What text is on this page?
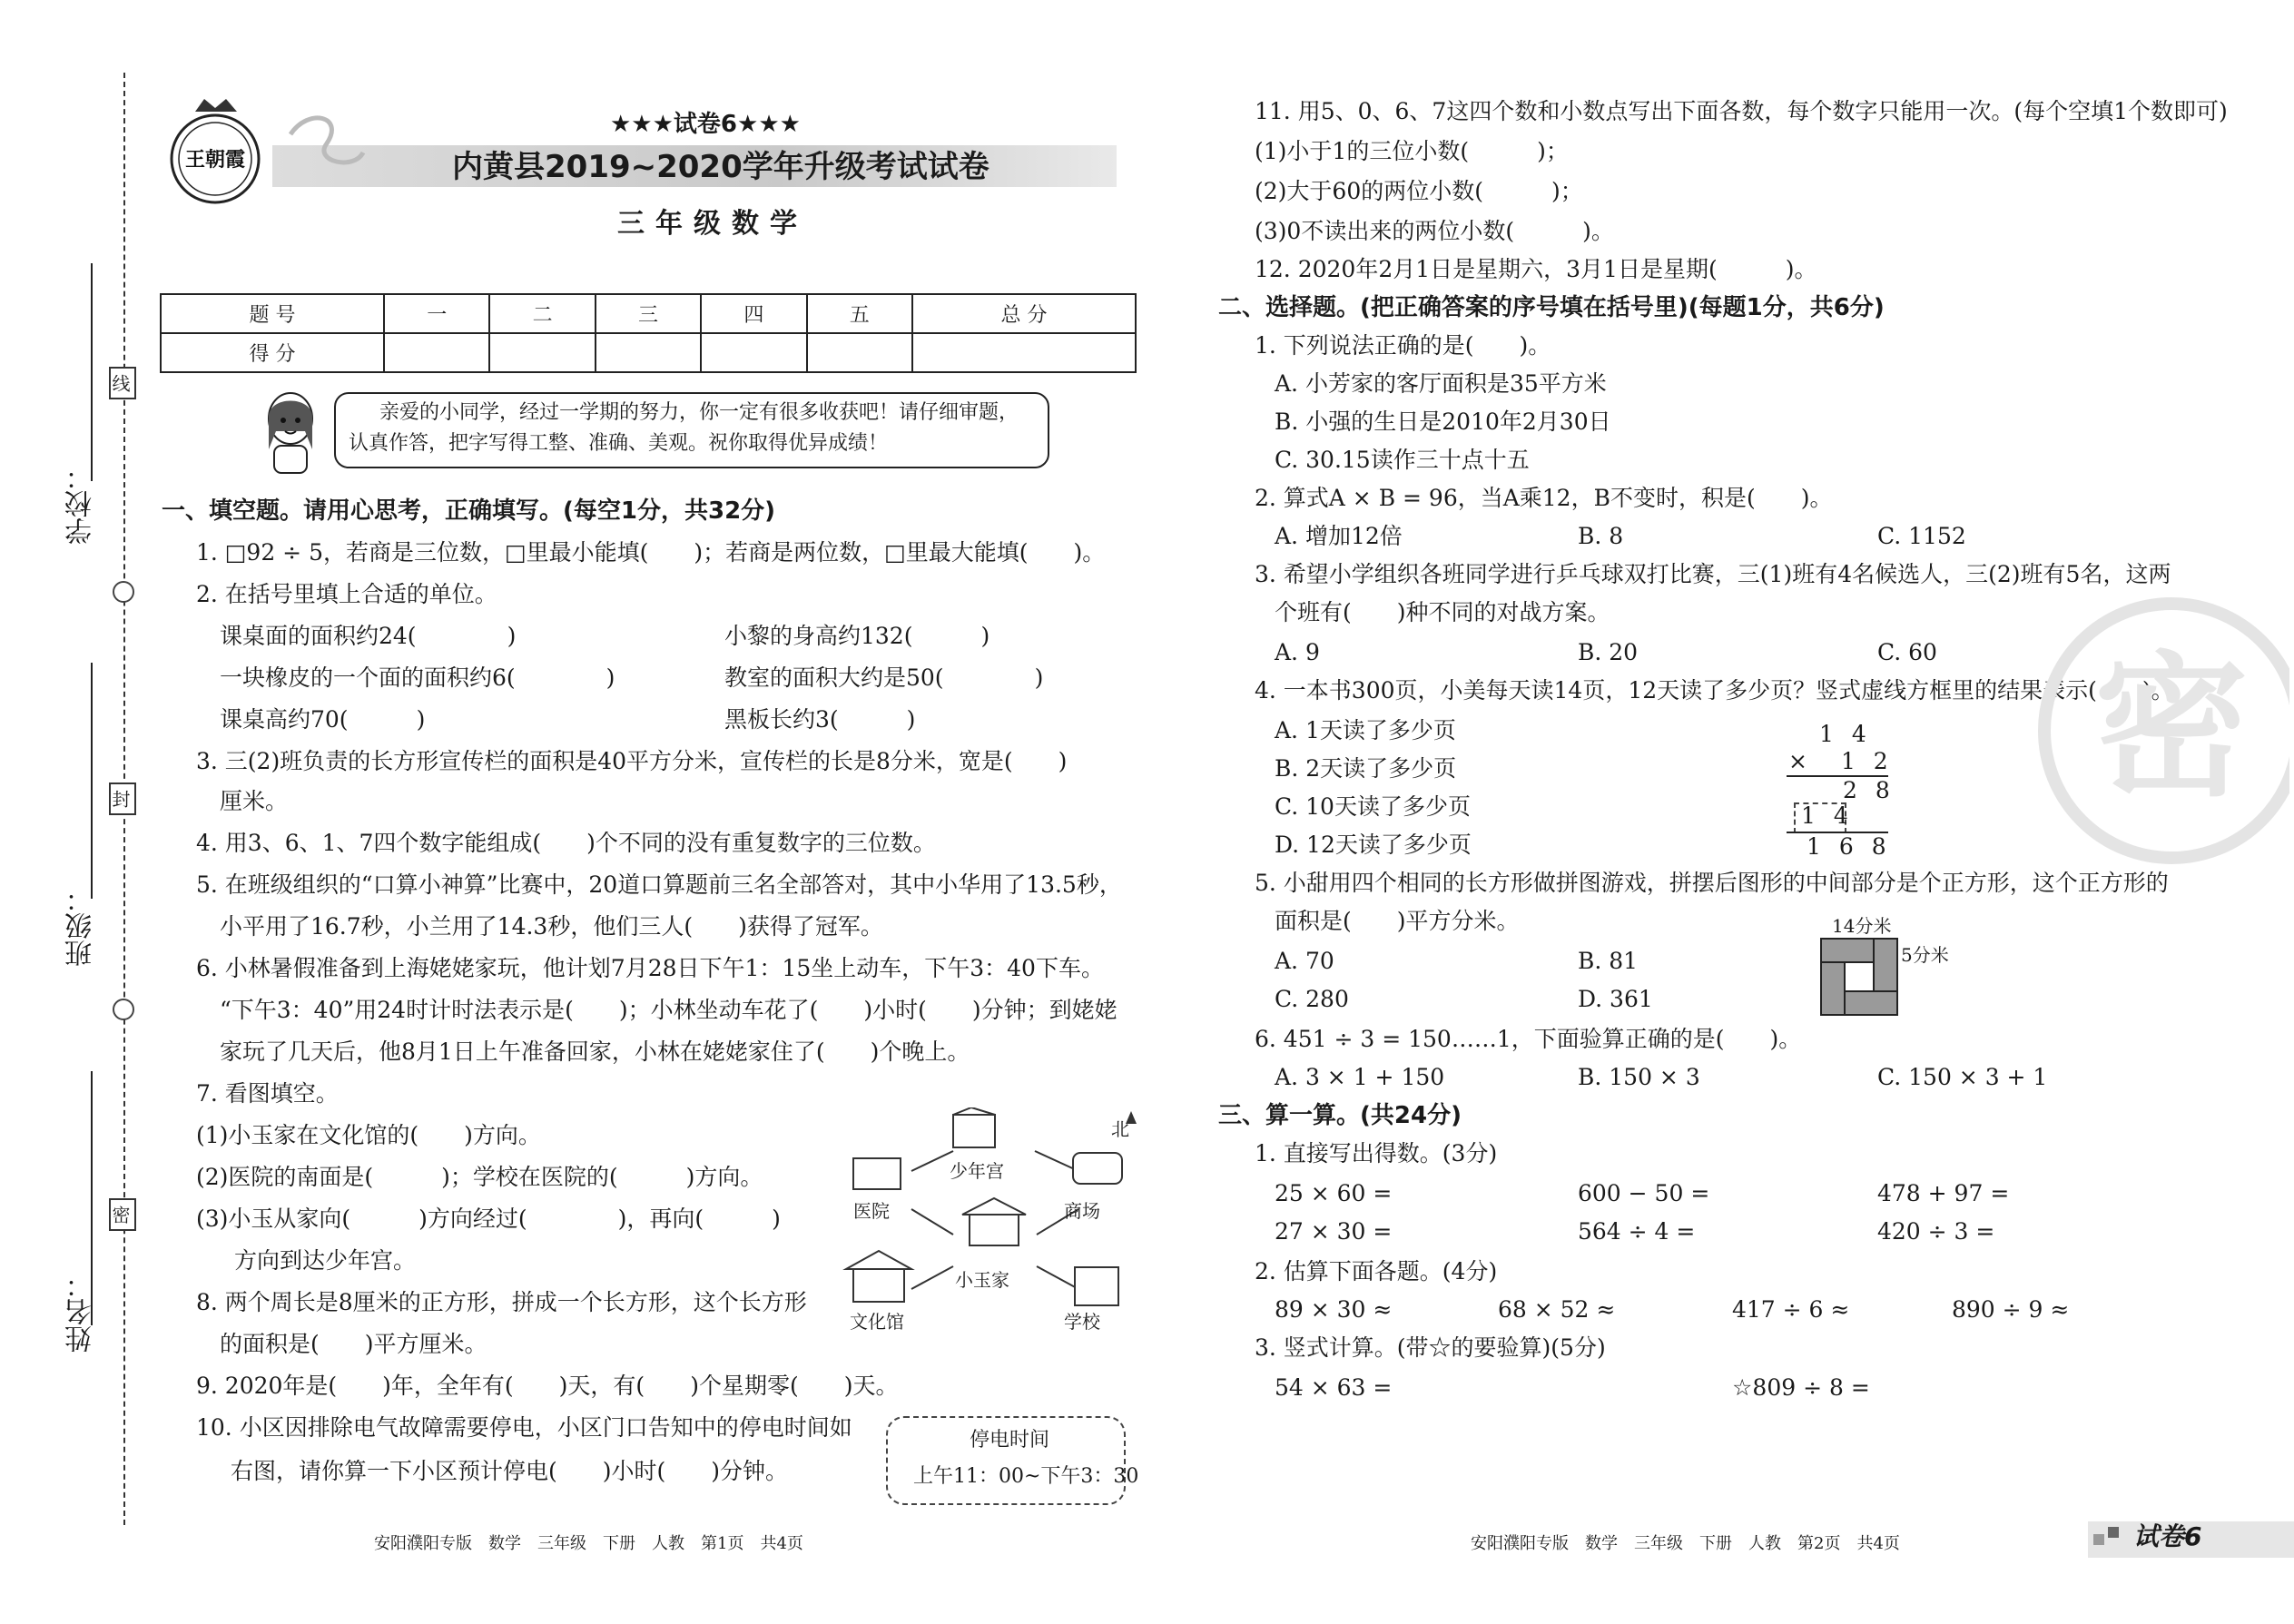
学校：
班级：
姓名：
线
封
密
王朝霞
★★★试卷6★★★
内黄县2019~2020学年升级考试试卷
三年级数学
题 号	一	二	三	四	五	总 分
得 分						
亲爱的小同学，经过一学期的努力，你一定有很多收获吧！请仔细审题，
认真作答，把字写得工整、准确、美观。祝你取得优异成绩！
一、填空题。请用心思考，正确填写。(每空1分，共32分)
1. □92 ÷ 5，若商是三位数，□里最小能填(　　)；若商是两位数，□里最大能填(　　)。
2. 在括号里填上合适的单位。
课桌面的面积约24(　　　　)	小黎的身高约132(　　　)
一块橡皮的一个面的面积约6(　　　　)	教室的面积大约是50(　　　　)
课桌高约70(　　　)	黑板长约3(　　　)
3. 三(2)班负责的长方形宣传栏的面积是40平方分米，宣传栏的长是8分米，宽是(　　)
厘米。
4. 用3、6、1、7四个数字能组成(　　)个不同的没有重复数字的三位数。
5. 在班级组织的“口算小神算”比赛中，20道口算题前三名全部答对，其中小华用了13.5秒，
小平用了16.7秒，小兰用了14.3秒，他们三人(　　)获得了冠军。
6. 小林暑假准备到上海姥姥家玩，他计划7月28日下午1：15坐上动车，下午3：40下车。
“下午3：40”用24时计时法表示是(　　)；小林坐动车花了(　　)小时(　　)分钟；到姥姥
家玩了几天后，他8月1日上午准备回家，小林在姥姥家住了(　　)个晚上。
7. 看图填空。
(1)小玉家在文化馆的(　　)方向。
(2)医院的南面是(　　　)；学校在医院的(　　　)方向。
(3)小玉从家向(　　　)方向经过(　　　　)，再向(　　　)
方向到达少年宫。
8. 两个周长是8厘米的正方形，拼成一个长方形，这个长方形
的面积是(　　)平方厘米。
9. 2020年是(　　)年，全年有(　　)天，有(　　)个星期零(　　)天。
10. 小区因排除电气故障需要停电，小区门口告知中的停电时间如
右图，请你算一下小区预计停电(　　)小时(　　)分钟。
停电时间
上午11：00~下午3：30
北
少年宫
医院	商场
小玉家
文化馆	学校
11. 用5、0、6、7这四个数和小数点写出下面各数，每个数字只能用一次。(每个空填1个数即可)
(1)小于1的三位小数(　　　)；
(2)大于60的两位小数(　　　)；
(3)0不读出来的两位小数(　　　)。
12. 2020年2月1日是星期六，3月1日是星期(　　　)。
二、选择题。(把正确答案的序号填在括号里)(每题1分，共6分)
1. 下列说法正确的是(　　)。
A. 小芳家的客厅面积是35平方米
B. 小强的生日是2010年2月30日
C. 30.15读作三十点十五
2. 算式A × B = 96，当A乘12，B不变时，积是(　　)。
A. 增加12倍	B. 8	C. 1152
3. 希望小学组织各班同学进行乒乓球双打比赛，三(1)班有4名候选人，三(2)班有5名，这两
个班有(　　)种不同的对战方案。
A. 9	B. 20	C. 60
4. 一本书300页，小美每天读14页，12天读了多少页？竖式虚线方框里的结果表示(　　)。
A. 1天读了多少页
B. 2天读了多少页
C. 10天读了多少页
D. 12天读了多少页
1 4
×　1 2
2 8
1 4
1 6 8
5. 小甜用四个相同的长方形做拼图游戏，拼摆后图形的中间部分是个正方形，这个正方形的
面积是(　　)平方分米。
A. 70	B. 81
C. 280	D. 361
14分米
5分米
6. 451 ÷ 3 = 150……1，下面验算正确的是(　　)。
A. 3 × 1 + 150	B. 150 × 3	C. 150 × 3 + 1
三、算一算。(共24分)
1. 直接写出得数。(3分)
25 × 60 =	600 − 50 =	478 + 97 =
27 × 30 =	564 ÷ 4 =	420 ÷ 3 =
2. 估算下面各题。(4分)
89 × 30 ≈	68 × 52 ≈	417 ÷ 6 ≈	890 ÷ 9 ≈
3. 竖式计算。(带☆的要验算)(5分)
54 × 63 =	☆809 ÷ 8 =
密
安阳濮阳专版　数学　三年级　下册　人教　第1页　共4页	安阳濮阳专版　数学　三年级　下册　人教　第2页　共4页	试卷6
